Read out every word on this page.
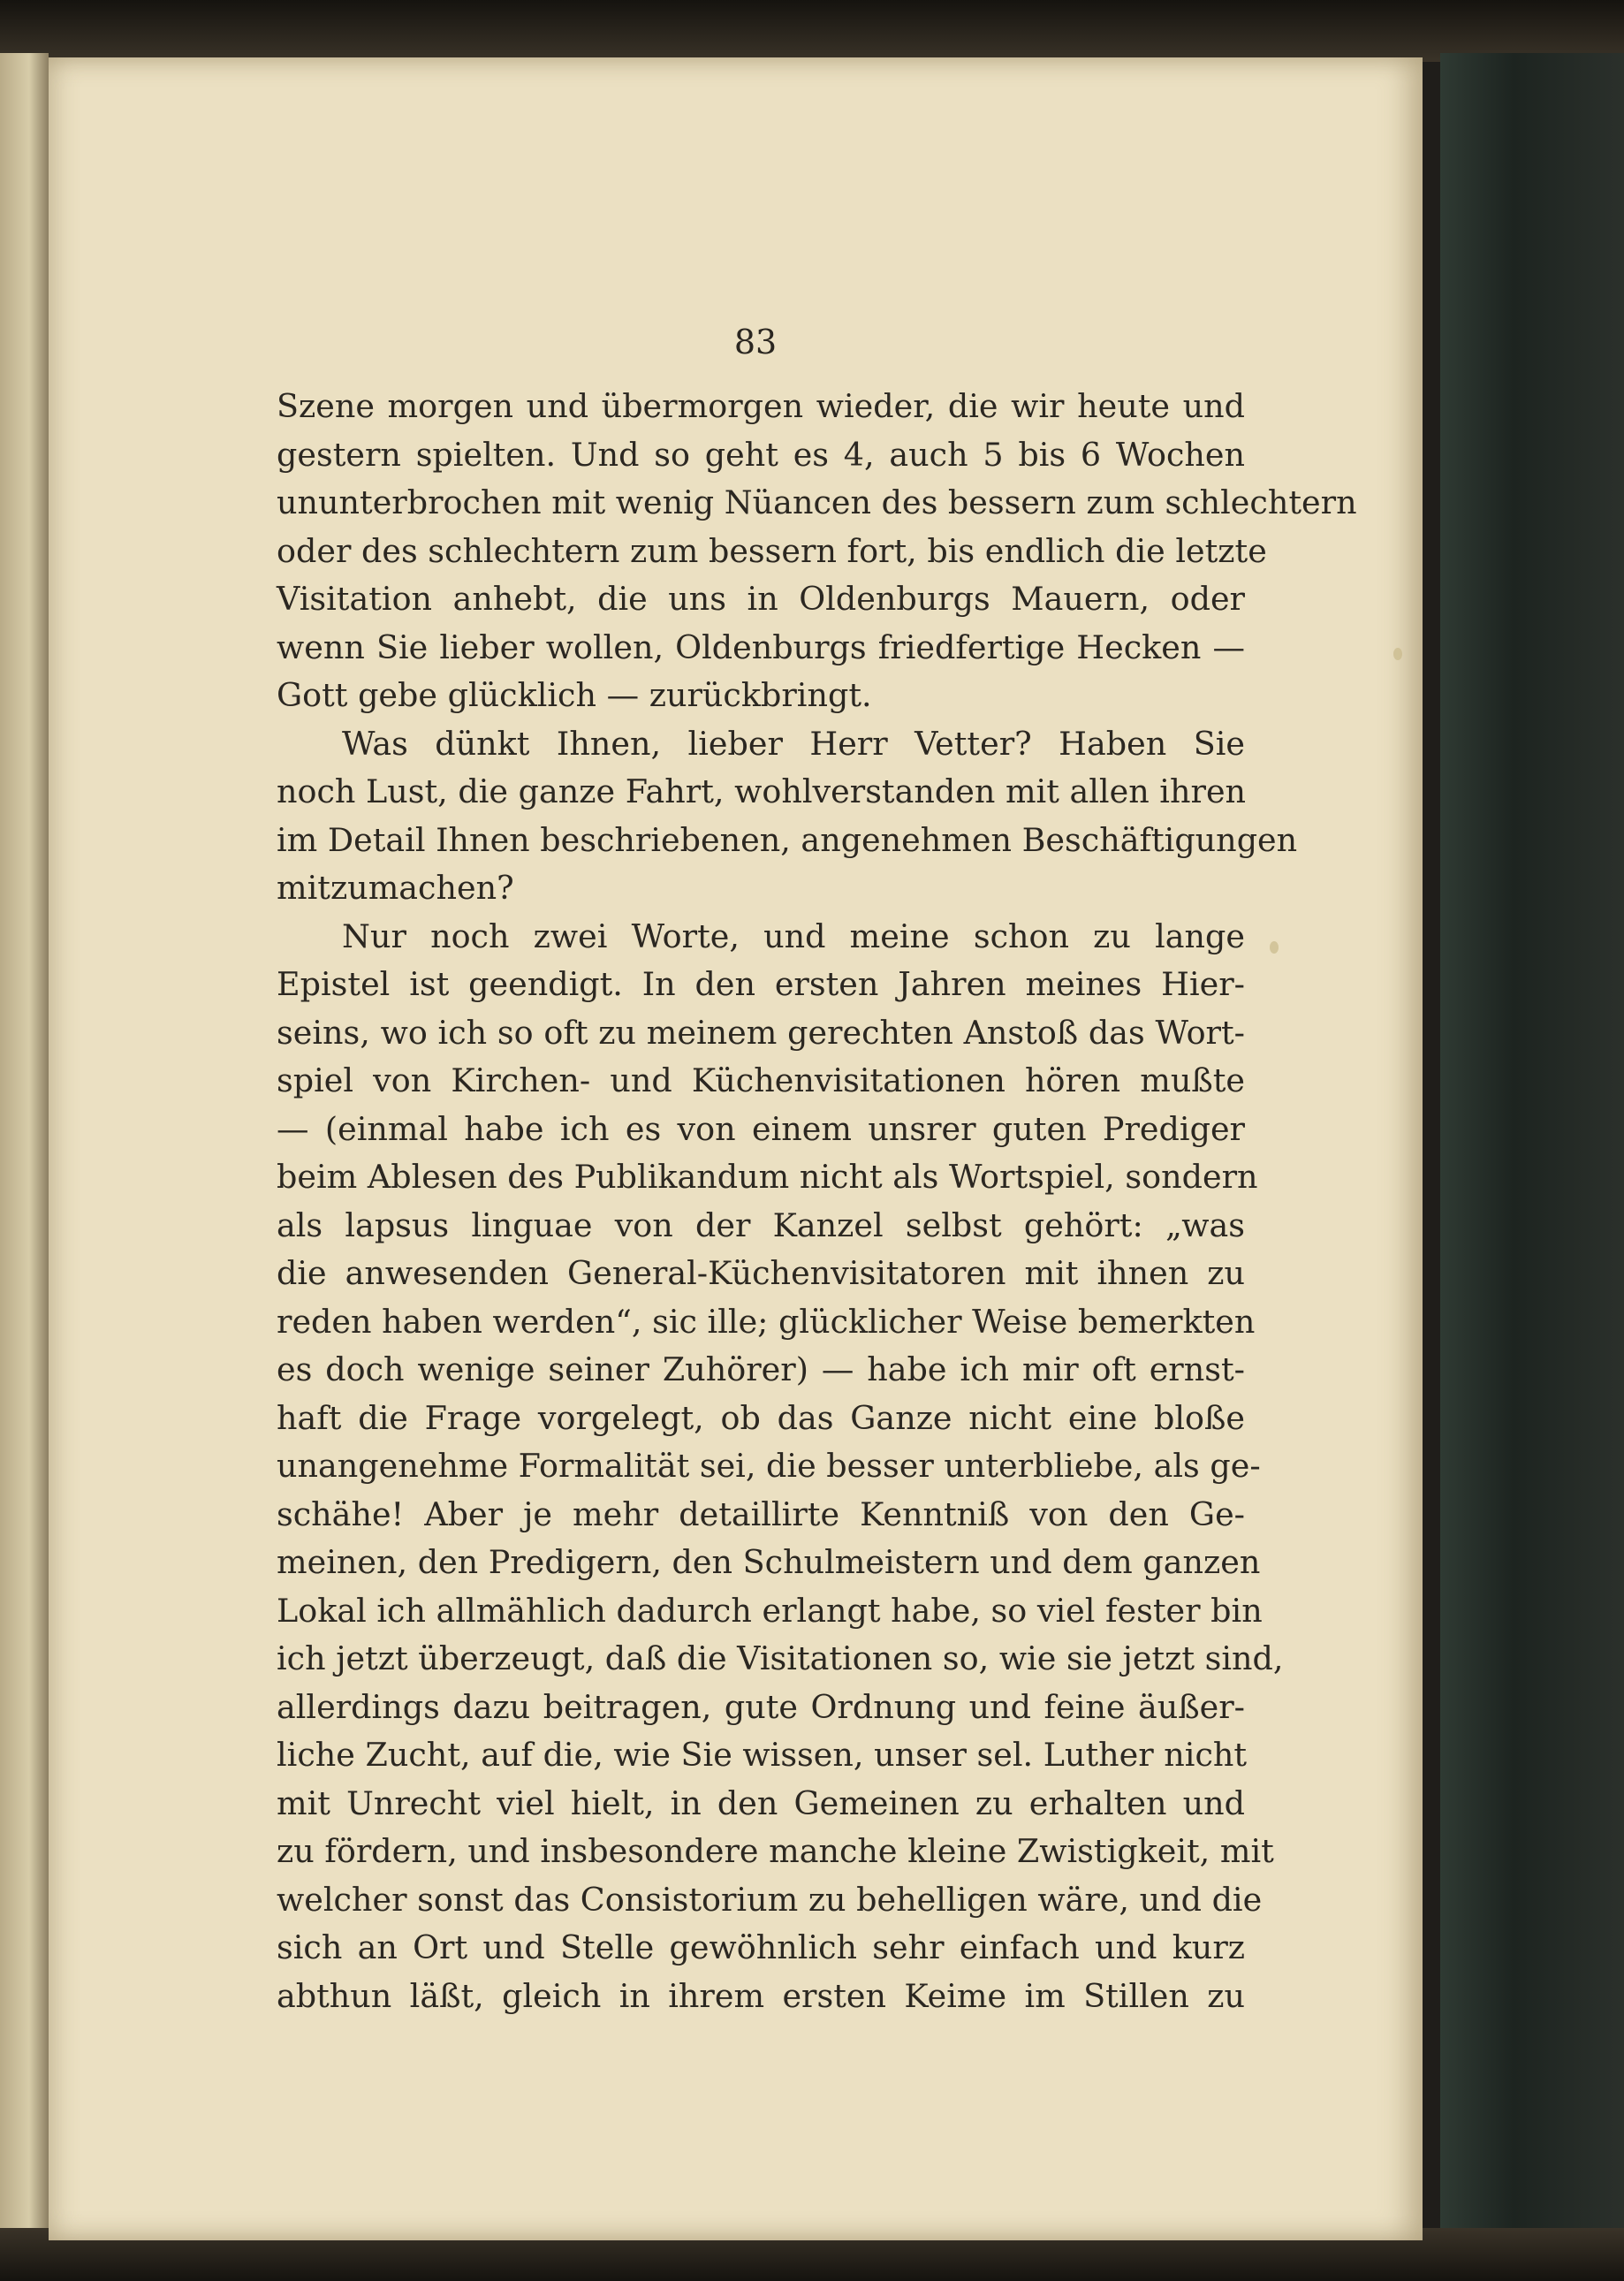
83
Szene morgen und übermorgen wieder, die wir heute und
gestern spielten. Und so geht es 4, auch 5 bis 6 Wochen
ununterbrochen mit wenig Nüancen des bessern zum schlechtern
oder des schlechtern zum bessern fort, bis endlich die letzte
Visitation anhebt, die uns in Oldenburgs Mauern, oder
wenn Sie lieber wollen, Oldenburgs friedfertige Hecken —
Gott gebe glücklich — zurückbringt.
Was dünkt Ihnen, lieber Herr Vetter? Haben Sie
noch Lust, die ganze Fahrt, wohlverstanden mit allen ihren
im Detail Ihnen beschriebenen, angenehmen Beschäftigungen
mitzumachen?
Nur noch zwei Worte, und meine schon zu lange
Epistel ist geendigt. In den ersten Jahren meines Hier-
seins, wo ich so oft zu meinem gerechten Anstoß das Wort-
spiel von Kirchen- und Küchenvisitationen hören mußte
— (einmal habe ich es von einem unsrer guten Prediger
beim Ablesen des Publikandum nicht als Wortspiel, sondern
als lapsus linguae von der Kanzel selbst gehört: „was
die anwesenden General-Küchenvisitatoren mit ihnen zu
reden haben werden“, sic ille; glücklicher Weise bemerkten
es doch wenige seiner Zuhörer) — habe ich mir oft ernst-
haft die Frage vorgelegt, ob das Ganze nicht eine bloße
unangenehme Formalität sei, die besser unterbliebe, als ge-
schähe! Aber je mehr detaillirte Kenntniß von den Ge-
meinen, den Predigern, den Schulmeistern und dem ganzen
Lokal ich allmählich dadurch erlangt habe, so viel fester bin
ich jetzt überzeugt, daß die Visitationen so, wie sie jetzt sind,
allerdings dazu beitragen, gute Ordnung und feine äußer-
liche Zucht, auf die, wie Sie wissen, unser sel. Luther nicht
mit Unrecht viel hielt, in den Gemeinen zu erhalten und
zu fördern, und insbesondere manche kleine Zwistigkeit, mit
welcher sonst das Consistorium zu behelligen wäre, und die
sich an Ort und Stelle gewöhnlich sehr einfach und kurz
abthun läßt, gleich in ihrem ersten Keime im Stillen zu
